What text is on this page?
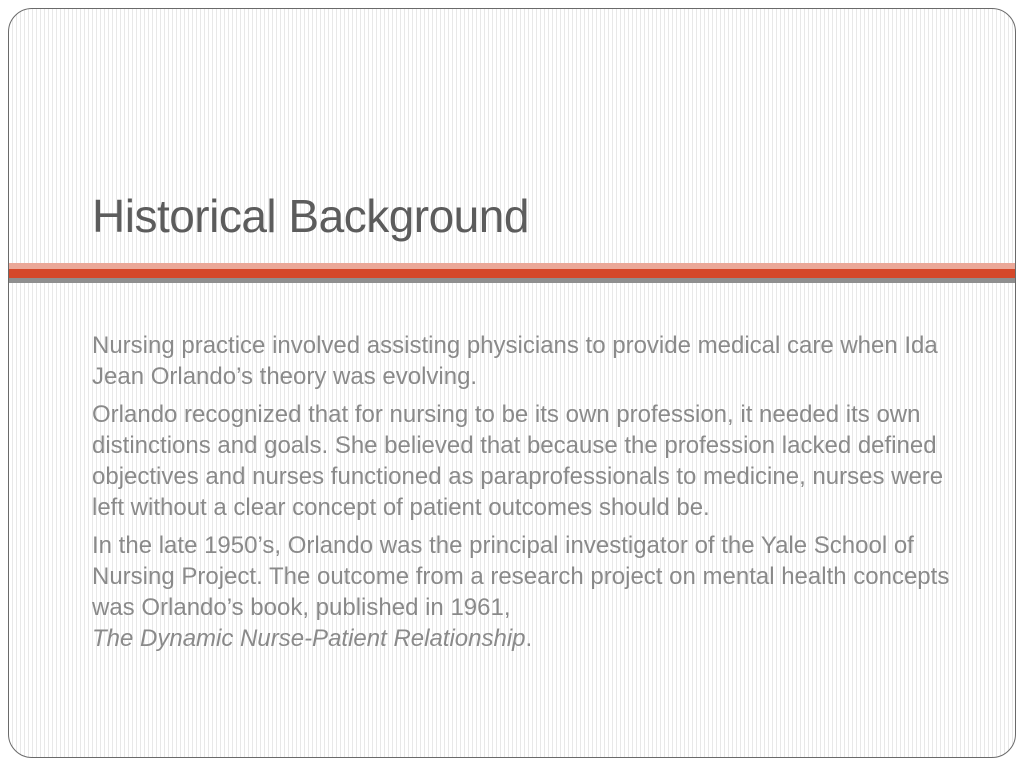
Historical Background

Nursing practice involved assisting physicians to provide medical care when Ida Jean Orlando’s theory was evolving.

Orlando recognized that for nursing to be its own profession, it needed its own distinctions and goals. She believed that because the profession lacked defined objectives and nurses functioned as paraprofessionals to medicine, nurses were left without a clear concept of patient outcomes should be.

In the late 1950’s, Orlando was the principal investigator of the Yale School of Nursing Project. The outcome from a research project on mental health concepts was Orlando’s book, published in 1961,
The Dynamic Nurse-Patient Relationship.
